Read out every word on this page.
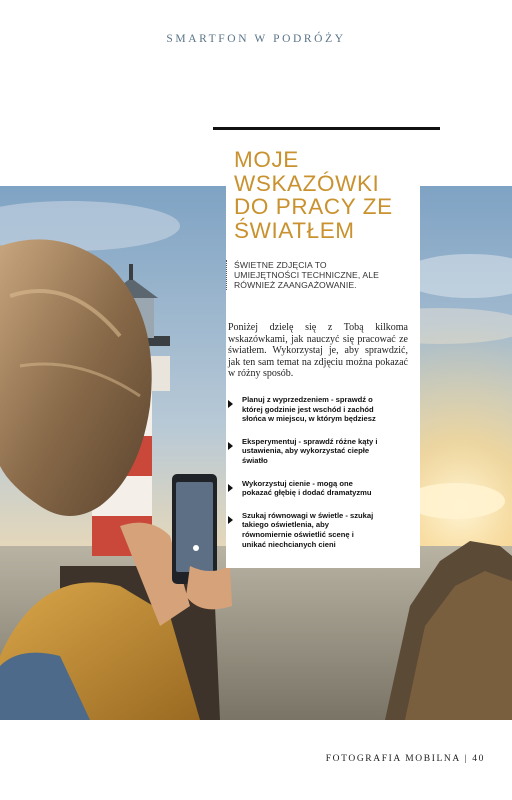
SMARTFON W PODRÓŻY
MOJE
WSKAZÓWKI
DO PRACY ZE
ŚWIATŁEM
ŚWIETNE ZDJĘCIA TO
UMIEJĘTNOŚCI TECHNICZNE, ALE
RÓWNIEŻ ZAANGAŻOWANIE.

Poniżej dzielę się z Tobą kilkoma wskazówkami, jak nauczyć się pracować ze światłem. Wykorzystaj je, aby sprawdzić, jak ten sam temat na zdjęciu można pokazać w różny sposób.

Planuj z wyprzedzeniem - sprawdź o
której godzinie jest wschód i zachód
słońca w miejscu, w którym będziesz
Eksperymentuj - sprawdź różne kąty i
ustawienia, aby wykorzystać ciepłe
światło
Wykorzystuj cienie - mogą one
pokazać głębię i dodać dramatyzmu
Szukaj równowagi w świetle - szukaj
takiego oświetlenia, aby
równomiernie oświetlić scenę i
unikać niechcianych cieni
FOTOGRAFIA MOBILNA | 40
